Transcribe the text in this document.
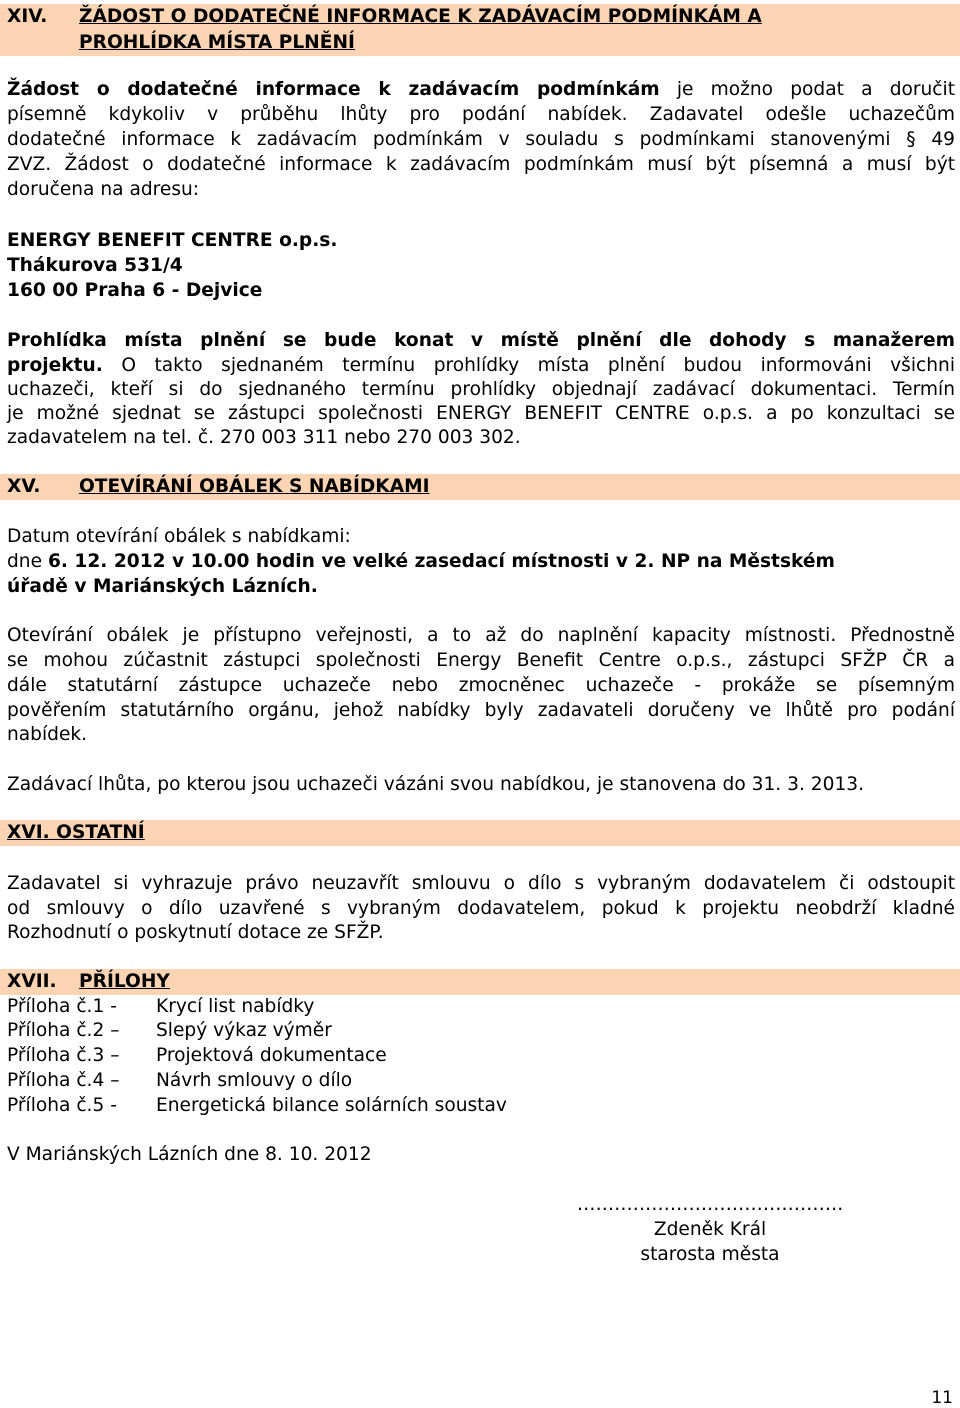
XIV. ŽÁDOST O DODATEČNÉ INFORMACE K ZADÁVACÍM PODMÍNKÁM A
PROHLÍDKA MÍSTA PLNĚNÍ
Žádost o dodatečné informace k zadávacím podmínkám je možno podat a doručit
písemně kdykoliv v průběhu lhůty pro podání nabídek. Zadavatel odešle uchazečům
dodatečné informace k zadávacím podmínkám v souladu s podmínkami stanovenými § 49
ZVZ. Žádost o dodatečné informace k zadávacím podmínkám musí být písemná a musí být
doručena na adresu:
ENERGY BENEFIT CENTRE o.p.s.
Thákurova 531/4
160 00 Praha 6 - Dejvice
Prohlídka místa plnění se bude konat v místě plnění dle dohody s manažerem
projektu. O takto sjednaném termínu prohlídky místa plnění budou informováni všichni
uchazeči, kteří si do sjednaného termínu prohlídky objednají zadávací dokumentaci. Termín
je možné sjednat se zástupci společnosti ENERGY BENEFIT CENTRE o.p.s. a po konzultaci se
zadavatelem na tel. č. 270 003 311 nebo 270 003 302.
XV. OTEVÍRÁNÍ OBÁLEK S NABÍDKAMI
Datum otevírání obálek s nabídkami:
dne 6. 12. 2012 v 10.00 hodin ve velké zasedací místnosti v 2. NP na Městském
úřadě v Mariánských Lázních.
Otevírání obálek je přístupno veřejnosti, a to až do naplnění kapacity místnosti. Přednostně
se mohou zúčastnit zástupci společnosti Energy Benefit Centre o.p.s., zástupci SFŽP ČR a
dále statutární zástupce uchazeče nebo zmocněnec uchazeče - prokáže se písemným
pověřením statutárního orgánu, jehož nabídky byly zadavateli doručeny ve lhůtě pro podání
nabídek.
Zadávací lhůta, po kterou jsou uchazeči vázáni svou nabídkou, je stanovena do 31. 3. 2013.
XVI. OSTATNÍ
Zadavatel si vyhrazuje právo neuzavřít smlouvu o dílo s vybraným dodavatelem či odstoupit
od smlouvy o dílo uzavřené s vybraným dodavatelem, pokud k projektu neobdrží kladné
Rozhodnutí o poskytnutí dotace ze SFŽP.
XVII. PŘÍLOHY
Příloha č.1 - Krycí list nabídky
Příloha č.2 – Slepý výkaz výměr
Příloha č.3 – Projektová dokumentace
Příloha č.4 – Návrh smlouvy o dílo
Příloha č.5 - Energetická bilance solárních soustav
V Mariánských Lázních dne 8. 10. 2012
…………………………………….
Zdeněk Král
starosta města
11
